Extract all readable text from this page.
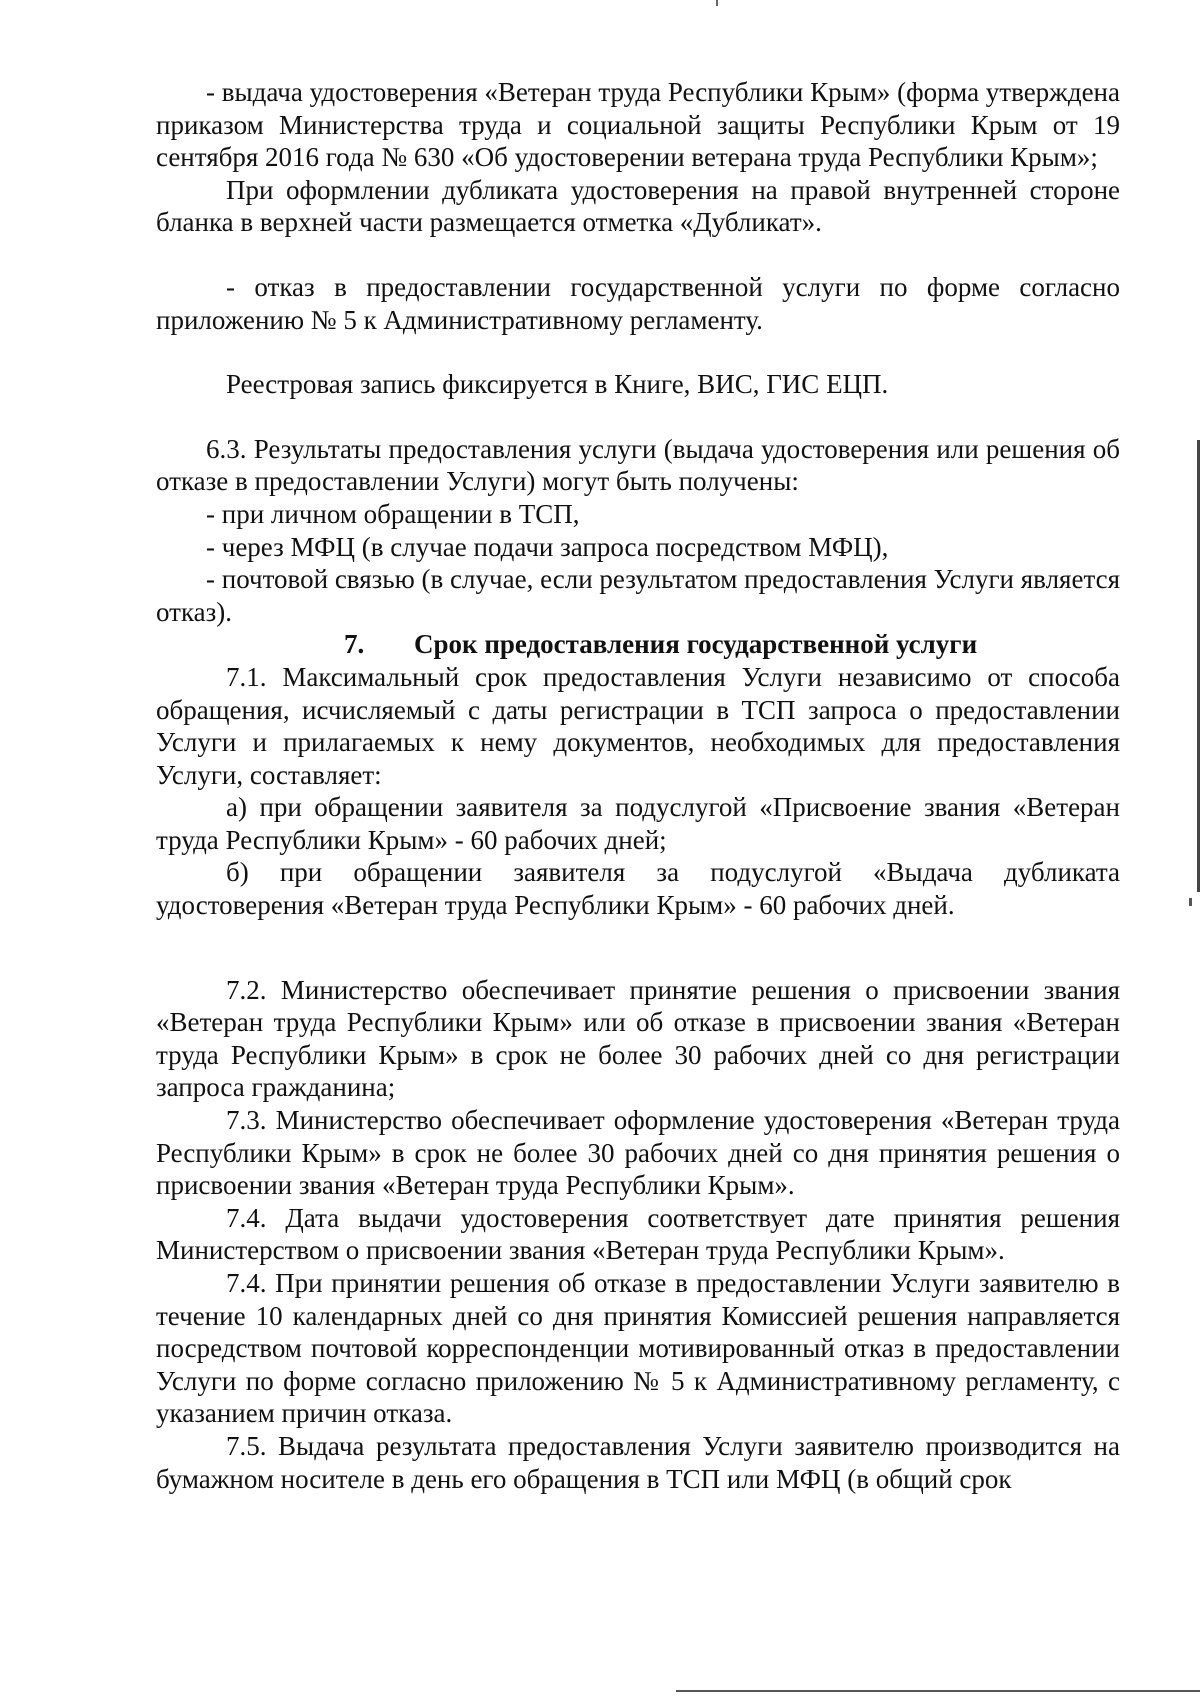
- выдача удостоверения «Ветеран труда Республики Крым» (форма утверждена приказом Министерства труда и социальной защиты Республики Крым от 19 сентября 2016 года № 630 «Об удостоверении ветерана труда Республики Крым»;

При оформлении дубликата удостоверения на правой внутренней стороне бланка в верхней части размещается отметка «Дубликат».

- отказ в предоставлении государственной услуги по форме согласно приложению № 5 к Административному регламенту.

Реестровая запись фиксируется в Книге, ВИС, ГИС ЕЦП.

6.3. Результаты предоставления услуги (выдача удостоверения или решения об отказе в предоставлении Услуги) могут быть получены:

- при личном обращении в ТСП,

- через МФЦ (в случае подачи запроса посредством МФЦ),

- почтовой связью (в случае, если результатом предоставления Услуги является отказ).

7. Срок предоставления государственной услуги

7.1. Максимальный срок предоставления Услуги независимо от способа обращения, исчисляемый с даты регистрации в ТСП запроса о предоставлении Услуги и прилагаемых к нему документов, необходимых для предоставления Услуги, составляет:

а) при обращении заявителя за подуслугой «Присвоение звания «Ветеран труда Республики Крым» - 60 рабочих дней;

б) при обращении заявителя за подуслугой «Выдача дубликата удостоверения «Ветеран труда Республики Крым» - 60 рабочих дней.

7.2. Министерство обеспечивает принятие решения о присвоении звания «Ветеран труда Республики Крым» или об отказе в присвоении звания «Ветеран труда Республики Крым» в срок не более 30 рабочих дней со дня регистрации запроса гражданина;

7.3. Министерство обеспечивает оформление удостоверения «Ветеран труда Республики Крым» в срок не более 30 рабочих дней со дня принятия решения о присвоении звания «Ветеран труда Республики Крым».

7.4. Дата выдачи удостоверения соответствует дате принятия решения Министерством о присвоении звания «Ветеран труда Республики Крым».

7.4. При принятии решения об отказе в предоставлении Услуги заявителю в течение 10 календарных дней со дня принятия Комиссией решения направляется посредством почтовой корреспонденции мотивированный отказ в предоставлении Услуги по форме согласно приложению № 5 к Административному регламенту, с указанием причин отказа.

7.5. Выдача результата предоставления Услуги заявителю производится на бумажном носителе в день его обращения в ТСП или МФЦ (в общий срок
